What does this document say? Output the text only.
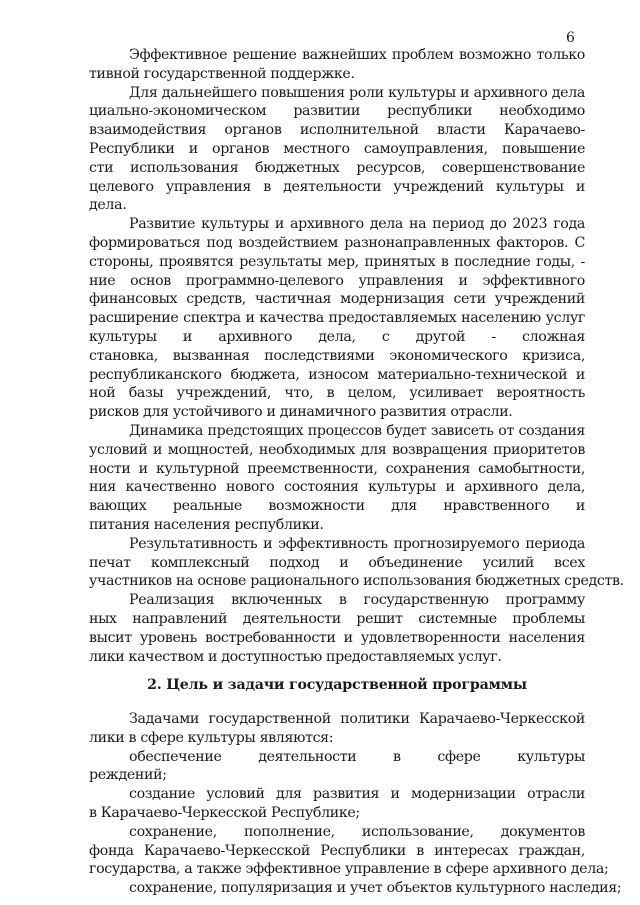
6
Эффективное решение важнейших проблем возможно только
тивной государственной поддержке.
Для дальнейшего повышения роли культуры и архивного дела
циально-экономическом развитии республики необходимо
взаимодействия органов исполнительной власти Карачаево-
Республики и органов местного самоуправления, повышение
сти использования бюджетных ресурсов, совершенствование
целевого управления в деятельности учреждений культуры и
дела.
Развитие культуры и архивного дела на период до 2023 года
формироваться под воздействием разнонаправленных факторов. С
стороны, проявятся результаты мер, принятых в последние годы, -
ние основ программно-целевого управления и эффективного
финансовых средств, частичная модернизация сети учреждений
расширение спектра и качества предоставляемых населению услуг
культуры и архивного дела, с другой - сложная
становка, вызванная последствиями экономического кризиса,
республиканского бюджета, износом материально-технической и
ной базы учреждений, что, в целом, усиливает вероятность
рисков для устойчивого и динамичного развития отрасли.
Динамика предстоящих процессов будет зависеть от создания
условий и мощностей, необходимых для возвращения приоритетов
ности и культурной преемственности, сохранения самобытности,
ния качественно нового состояния культуры и архивного дела,
вающих реальные возможности для нравственного и
питания населения республики.
Результативность и эффективность прогнозируемого периода
печат комплексный подход и объединение усилий всех
участников на основе рационального использования бюджетных средств.
Реализация включенных в государственную программу
ных направлений деятельности решит системные проблемы
высит уровень востребованности и удовлетворенности населения
лики качеством и доступностью предоставляемых услуг.
2. Цель и задачи государственной программы
Задачами государственной политики Карачаево-Черкесской
лики в сфере культуры являются:
обеспечение деятельности в сфере культуры
реждений;
создание условий для развития и модернизации отрасли
в Карачаево-Черкесской Республике;
сохранение, пополнение, использование, документов
фонда Карачаево-Черкесской Республики в интересах граждан,
государства, а также эффективное управление в сфере архивного дела;
сохранение, популяризация и учет объектов культурного наследия;
